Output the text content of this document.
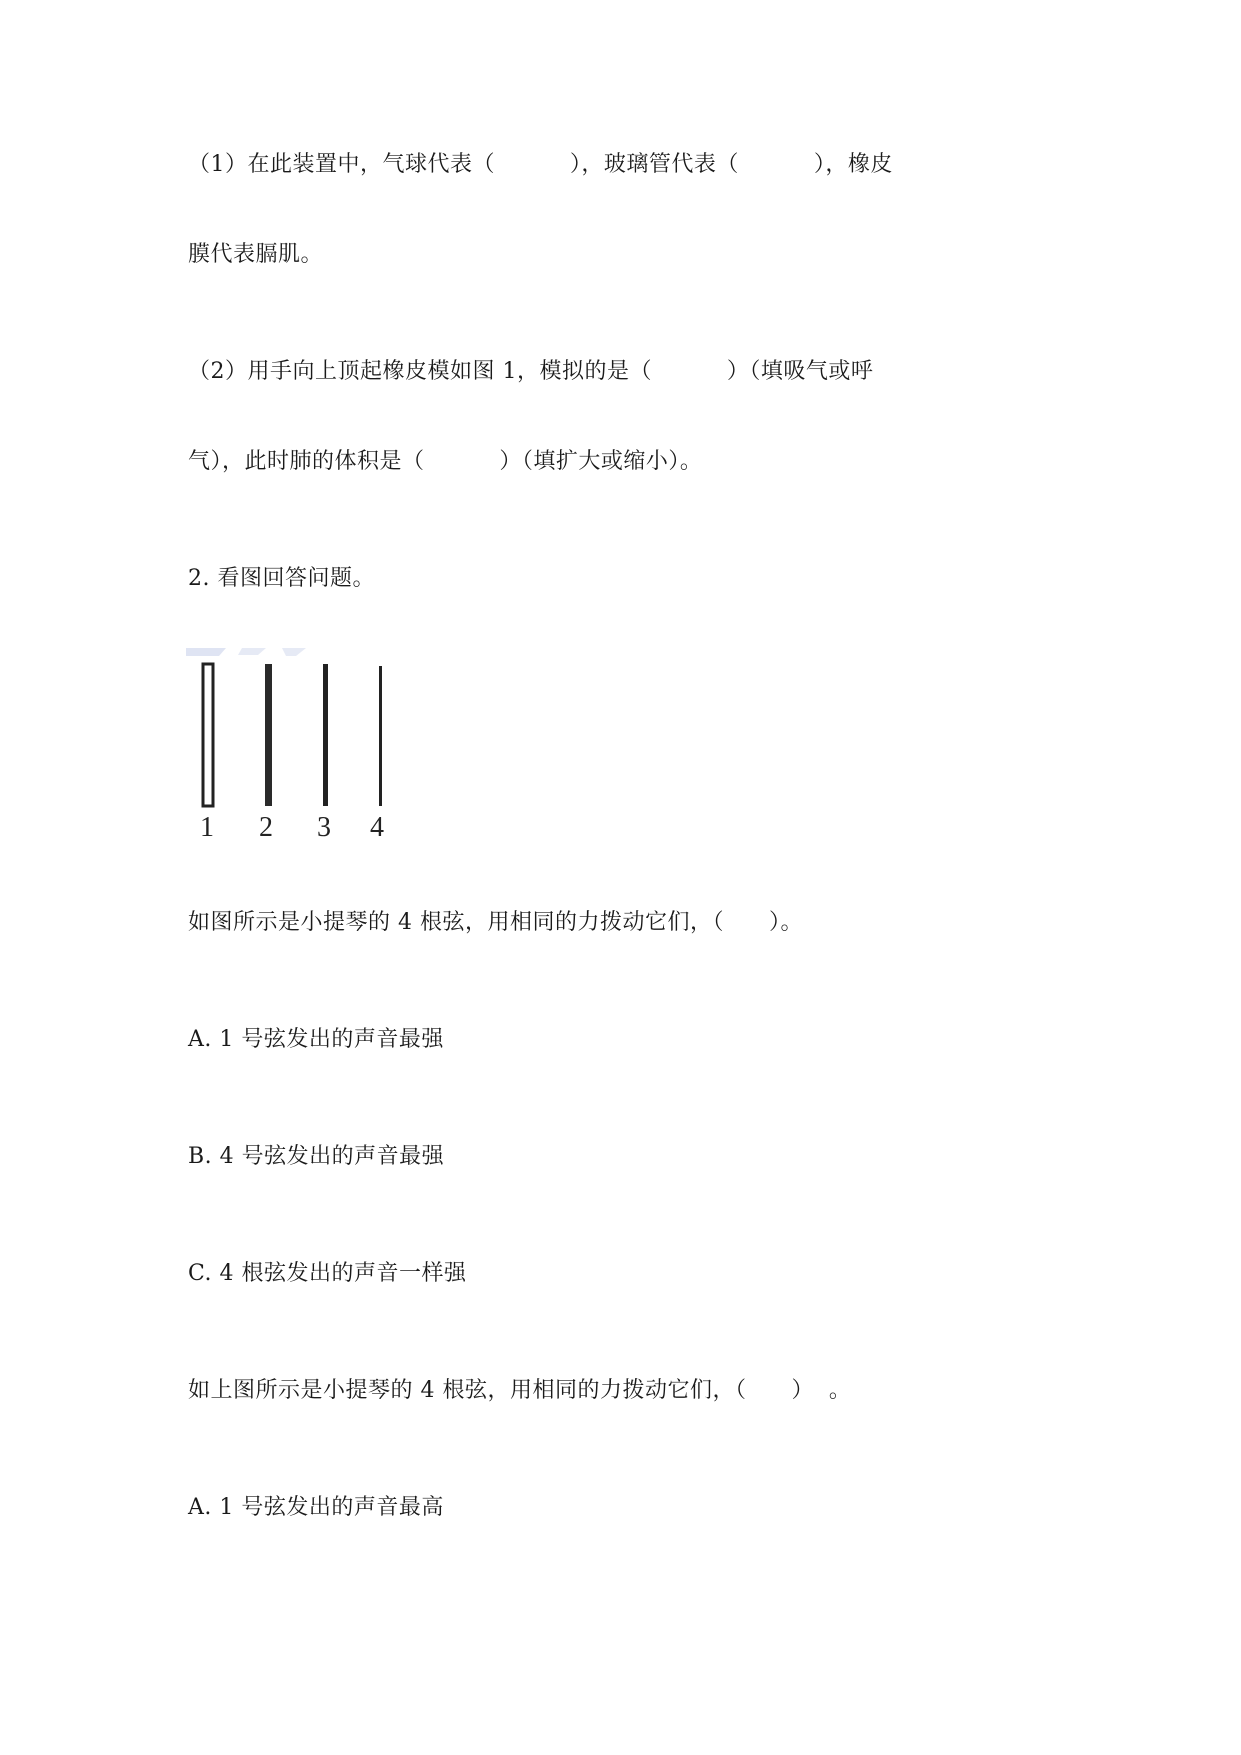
（1）在此装置中，气球代表（          ），玻璃管代表（          ），橡皮
膜代表膈肌。
（2）用手向上顶起橡皮模如图 1，模拟的是（          ）（填吸气或呼
气），此时肺的体积是（          ）（填扩大或缩小）。
2. 看图回答问题。
1 2 3 4
如图所示是小提琴的 4 根弦，用相同的力拨动它们，（      ）。
A. 1 号弦发出的声音最强
B. 4 号弦发出的声音最强
C. 4 根弦发出的声音一样强
如上图所示是小提琴的 4 根弦，用相同的力拨动它们，（      ）  。
A. 1 号弦发出的声音最高
